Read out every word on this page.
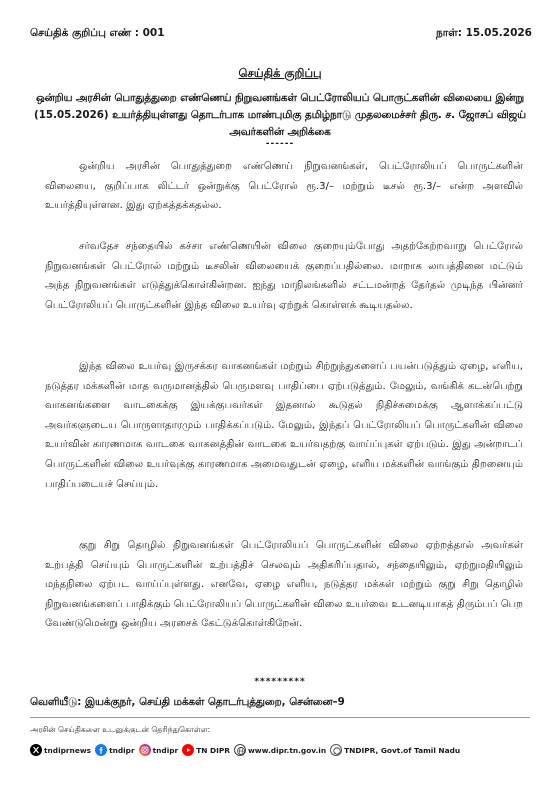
செய்திக் குறிப்பு எண் : 001	நாள்: 15.05.2026
செய்திக் குறிப்பு
ஒன்றிய அரசின் பொதுத்துறை எண்ணெய் நிறுவனங்கள் பெட்ரோலியப் பொருட்களின் விலையை இன்று (15.05.2026) உயர்த்தியுள்ளது தொடர்பாக மாண்புமிகு தமிழ்நாடு முதலமைச்சர் திரு. ச. ஜோசப் விஜய் அவர்களின் அறிக்கை
------
ஒன்றிய அரசின் பொதுத்துறை எண்ணெய் நிறுவனங்கள், பெட்ரோலியப் பொருட்களின் விலையை, குறிப்பாக லிட்டர் ஒன்றுக்கு பெட்ரோல் ரூ.3/– மற்றும் டீசல் ரூ.3/– என்ற அளவில் உயர்த்தியுள்ளன. இது ஏற்கத்தக்கதல்ல.
சர்வதேச சந்தையில் கச்சா எண்ணெயின் விலை குறையும்போது அதற்கேற்றவாறு பெட்ரோல் நிறுவனங்கள் பெட்ரோல் மற்றும் டீசலின் விலையைக் குறைப்பதில்லை. மாறாக லாபத்தினை மட்டும் அந்த நிறுவனங்கள் எடுத்துக்கொள்கின்றன. ஐந்து மாநிலங்களில் சட்டமன்றத் தேர்தல் முடிந்த பின்னர் பெட்ரோலியப் பொருட்களின் இந்த விலை உயர்வு ஏற்றுக் கொள்ளக் கூடியதல்ல.
இந்த விலை உயர்வு இருசக்கர வாகனங்கள் மற்றும் சிற்றுந்துகளைப் பயன்படுத்தும் ஏழை, எளிய, நடுத்தர மக்களின் மாத வருமானத்தில் பெருமளவு பாதிப்பை ஏற்படுத்தும். மேலும், வங்கிக் கடன்பெற்று வாகனங்களை வாடகைக்கு இயக்குபவர்கள் இதனால் கூடுதல் நிதிச்சுமைக்கு ஆளாக்கப்பட்டு அவர்களுடைய பொருளாதாரமும் பாதிக்கப்படும். மேலும், இந்தப் பெட்ரோலியப் பொருட்களின் விலை உயர்வின் காரணமாக வாடகை வாகனத்தின் வாடகை உயர்வதற்கு வாய்ப்புகள் ஏற்படும். இது அன்றாடப் பொருட்களின் விலை உயர்வுக்கு காரணமாக அமைவதுடன் ஏழை, எளிய மக்களின் வாங்கும் திறனையும் பாதிப்படையச் செய்யும்.
குறு சிறு தொழில் நிறுவனங்கள் பெட்ரோலியப் பொருட்களின் விலை ஏற்றத்தால் அவர்கள் உற்பத்தி செய்யும் பொருட்களின் உற்பத்திச் செலவும் அதிகரிப்பதால், சந்தையிலும், ஏற்றுமதியிலும் மந்தநிலை ஏற்பட வாய்ப்புள்ளது. எனவே, ஏழை எளிய, நடுத்தர மக்கள் மற்றும் குறு சிறு தொழில் நிறுவனங்களைப் பாதிக்கும் பெட்ரோலியப் பொருட்களின் விலை உயர்வை உடனடியாகத் திரும்பப் பெற வேண்டுமென்று ஒன்றிய அரசைக் கேட்டுக்கொள்கிறேன்.
*********
வெளியீடு: இயக்குநர், செய்தி மக்கள் தொடர்புத்துறை, சென்னை–9
அரசின் செய்திகளை உடனுக்குடன் தெரிந்துகொள்ள:
tndiprnews tndipr tndipr TN DIPR www.dipr.tn.gov.in TNDIPR, Govt.of Tamil Nadu
